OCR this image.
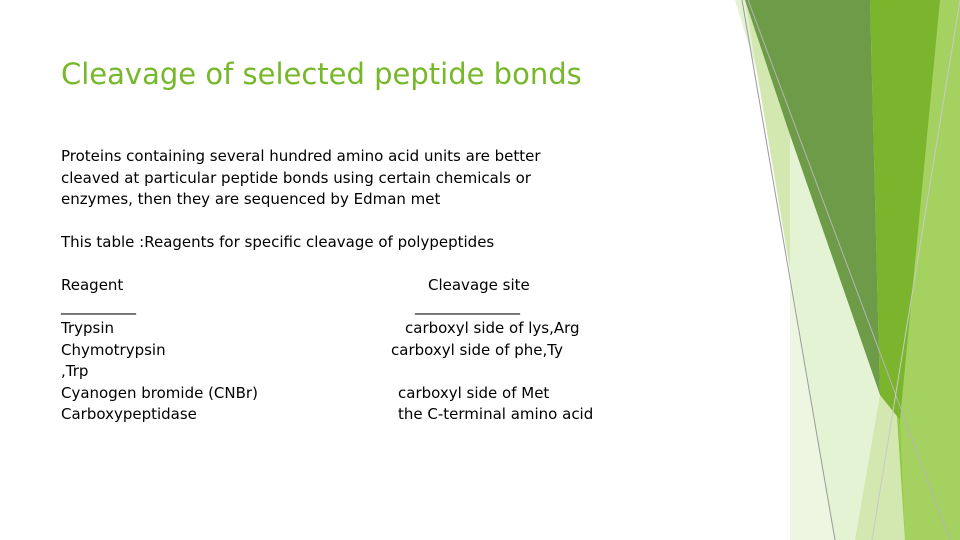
Cleavage of selected peptide bonds
Proteins containing several hundred amino acid units are better
cleaved at particular peptide bonds using certain chemicals or
enzymes, then they are sequenced by Edman met
This table :Reagents for specific cleavage of polypeptides
Reagent
__________
Trypsin
Chymotrypsin
,Trp
Cyanogen bromide (CNBr)
Carboxypeptidase
Cleavage site
______________
carboxyl side of lys,Arg
carboxyl side of phe,Ty
carboxyl side of Met
the C-terminal amino acid
